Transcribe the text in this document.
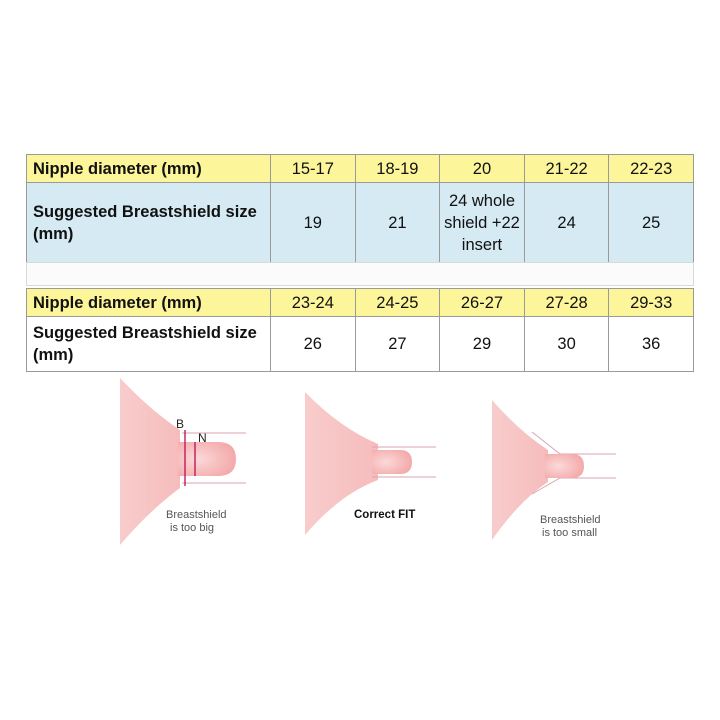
Nipple diameter (mm)	15-17	18-19	20	21-22	22-23
Suggested Breastshield size (mm)	19	21	24 whole shield +22 insert	24	25
Nipple diameter (mm)	23-24	24-25	26-27	27-28	29-33
Suggested Breastshield size (mm)	26	27	29	30	36
B
N
Breastshield
is too big
Correct FIT	Breastshield
is too small
